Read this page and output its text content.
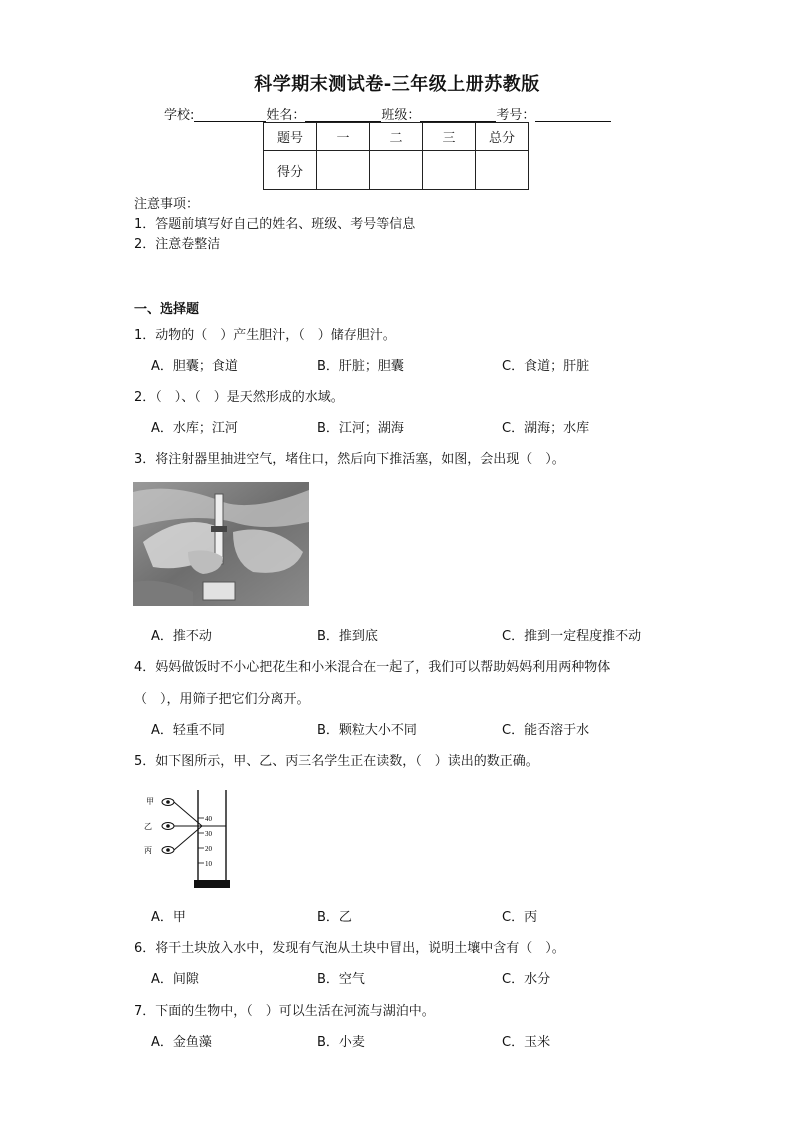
科学期末测试卷-三年级上册苏教版
学校:	姓名：	班级：	考号：
题号	一	二	三	总分
得分				
注意事项：
1．答题前填写好自己的姓名、班级、考号等信息
2．注意卷整洁
一、选择题
1．动物的（　）产生胆汁，（　）储存胆汁。
A．胆囊；食道	B．肝脏；胆囊	C．食道；肝脏
2．（　）、（　）是天然形成的水域。
A．水库；江河	B．江河；湖海	C．湖海；水库
3．将注射器里抽进空气，堵住口，然后向下推活塞，如图，会出现（　）。
A．推不动	B．推到底	C．推到一定程度推不动
4．妈妈做饭时不小心把花生和小米混合在一起了，我们可以帮助妈妈利用两种物体
（　），用筛子把它们分离开。
A．轻重不同	B．颗粒大小不同	C．能否溶于水
5．如下图所示，甲、乙、丙三名学生正在读数，（　）读出的数正确。
40
30
20
10
甲
乙
丙
A．甲	B．乙	C．丙
6．将干土块放入水中，发现有气泡从土块中冒出，说明土壤中含有（　）。
A．间隙	B．空气	C．水分
7．下面的生物中，（　）可以生活在河流与湖泊中。
A．金鱼藻	B．小麦	C．玉米
